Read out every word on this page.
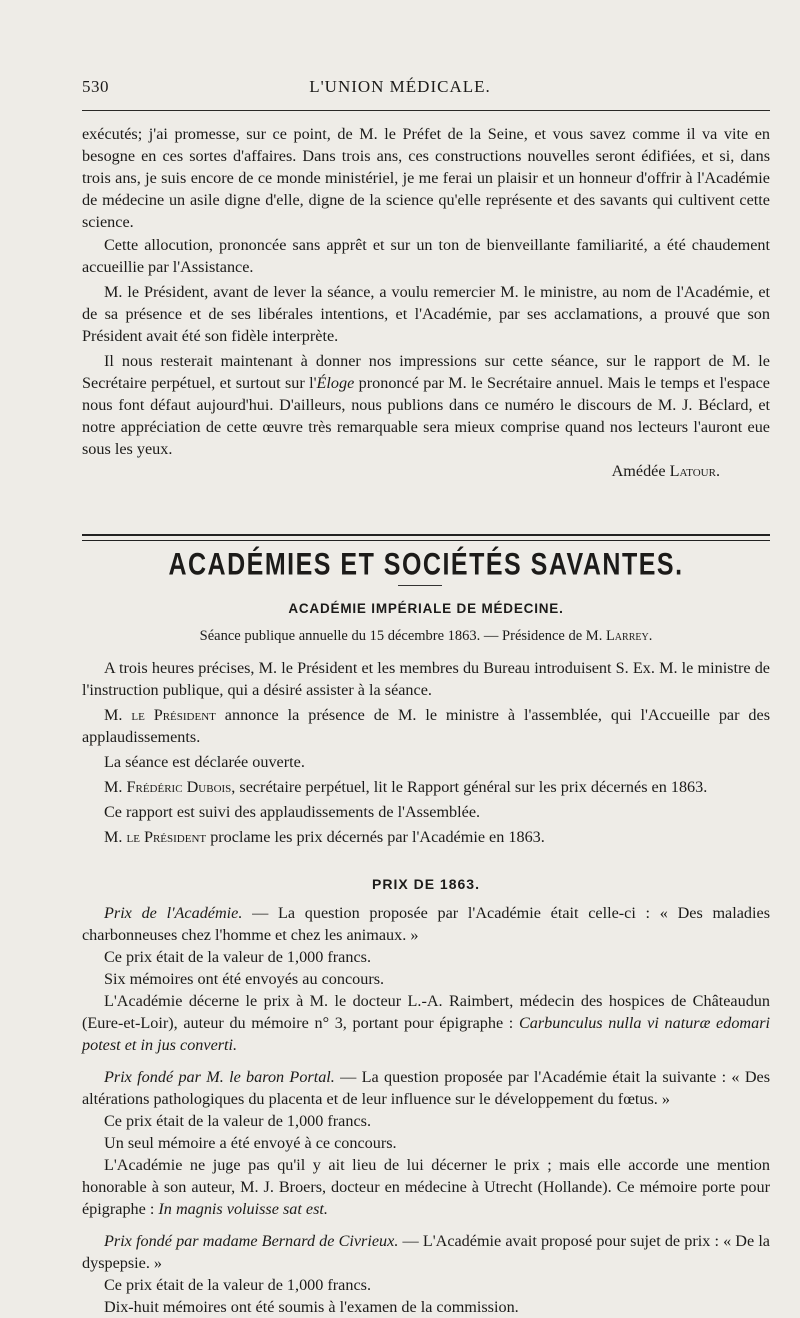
530	L'UNION MÉDICALE.

exécutés; j'ai promesse, sur ce point, de M. le Préfet de la Seine, et vous savez comme il va vite en besogne en ces sortes d'affaires. Dans trois ans, ces constructions nouvelles seront édifiées, et si, dans trois ans, je suis encore de ce monde ministériel, je me ferai un plaisir et un honneur d'offrir à l'Académie de médecine un asile digne d'elle, digne de la science qu'elle représente et des savants qui cultivent cette science.

Cette allocution, prononcée sans apprêt et sur un ton de bienveillante familiarité, a été chaudement accueillie par l'Assistance.

M. le Président, avant de lever la séance, a voulu remercier M. le ministre, au nom de l'Académie, et de sa présence et de ses libérales intentions, et l'Académie, par ses acclamations, a prouvé que son Président avait été son fidèle interprète.

Il nous resterait maintenant à donner nos impressions sur cette séance, sur le rapport de M. le Secrétaire perpétuel, et surtout sur l'Éloge prononcé par M. le Secrétaire annuel. Mais le temps et l'espace nous font défaut aujourd'hui. D'ailleurs, nous publions dans ce numéro le discours de M. J. Béclard, et notre appréciation de cette œuvre très remarquable sera mieux comprise quand nos lecteurs l'auront eue sous les yeux.

Amédée Latour.
ACADÉMIES ET SOCIÉTÉS SAVANTES.
ACADÉMIE IMPÉRIALE DE MÉDECINE.
Séance publique annuelle du 15 décembre 1863. — Présidence de M. Larrey.

A trois heures précises, M. le Président et les membres du Bureau introduisent S. Ex. M. le ministre de l'instruction publique, qui a désiré assister à la séance.

M. le Président annonce la présence de M. le ministre à l'assemblée, qui l'Accueille par des applaudissements.

La séance est déclarée ouverte.

M. Frédéric Dubois, secrétaire perpétuel, lit le Rapport général sur les prix décernés en 1863.

Ce rapport est suivi des applaudissements de l'Assemblée.

M. le Président proclame les prix décernés par l'Académie en 1863.

PRIX DE 1863.

Prix de l'Académie. — La question proposée par l'Académie était celle-ci : « Des maladies charbonneuses chez l'homme et chez les animaux. »

Ce prix était de la valeur de 1,000 francs.

Six mémoires ont été envoyés au concours.

L'Académie décerne le prix à M. le docteur L.-A. Raimbert, médecin des hospices de Châteaudun (Eure-et-Loir), auteur du mémoire n° 3, portant pour épigraphe : Carbunculus nulla vi naturæ edomari potest et in jus converti.

Prix fondé par M. le baron Portal. — La question proposée par l'Académie était la suivante : « Des altérations pathologiques du placenta et de leur influence sur le développement du fœtus. »

Ce prix était de la valeur de 1,000 francs.

Un seul mémoire a été envoyé à ce concours.

L'Académie ne juge pas qu'il y ait lieu de lui décerner le prix ; mais elle accorde une mention honorable à son auteur, M. J. Broers, docteur en médecine à Utrecht (Hollande). Ce mémoire porte pour épigraphe : In magnis voluisse sat est.

Prix fondé par madame Bernard de Civrieux. — L'Académie avait proposé pour sujet de prix : « De la dyspepsie. »

Ce prix était de la valeur de 1,000 francs.

Dix-huit mémoires ont été soumis à l'examen de la commission.
